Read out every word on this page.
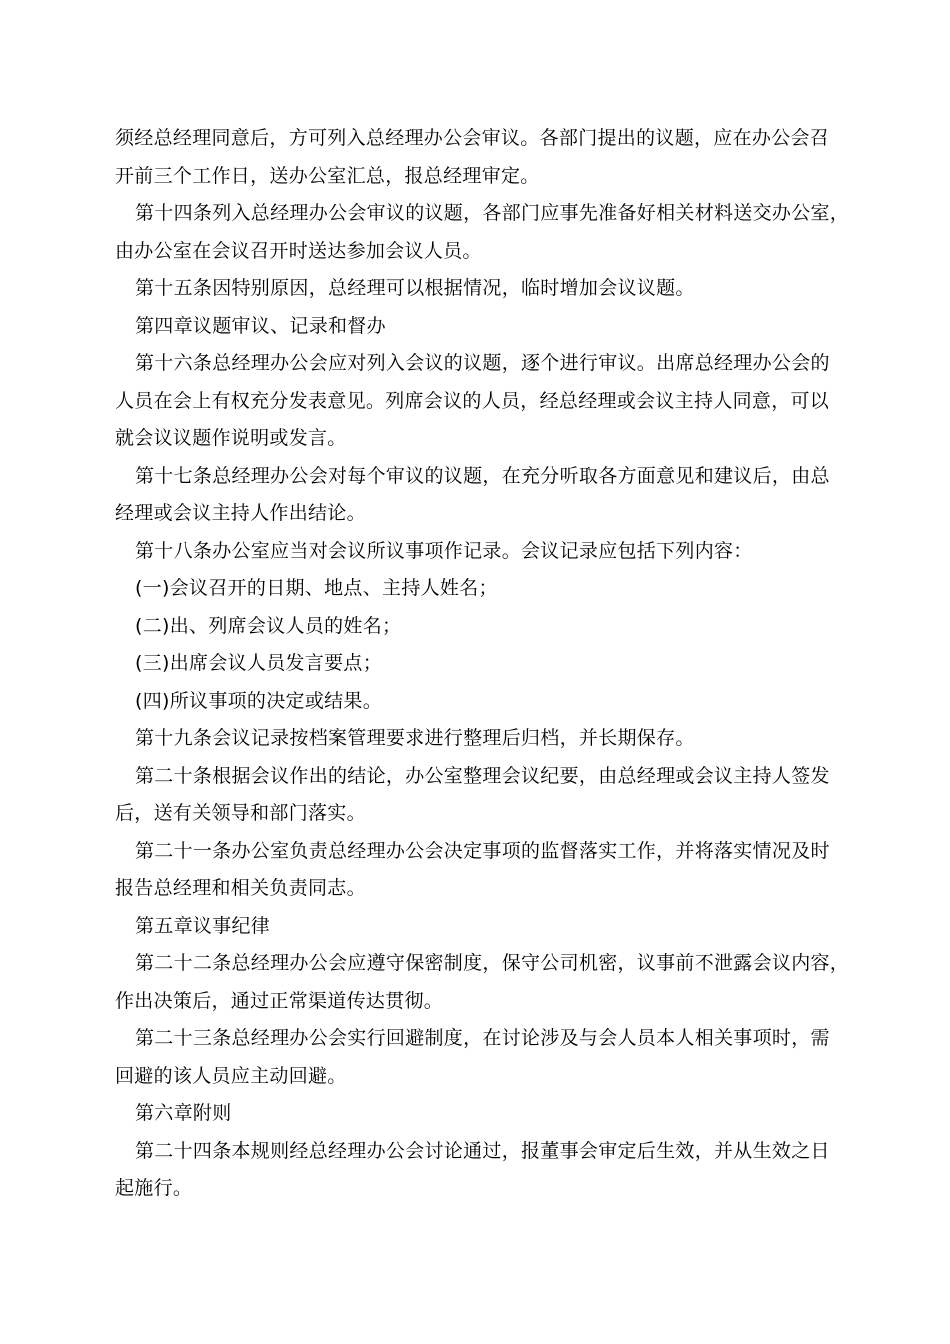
须经总经理同意后，方可列入总经理办公会审议。各部门提出的议题，应在办公会召
开前三个工作日，送办公室汇总，报总经理审定。
第十四条列入总经理办公会审议的议题，各部门应事先准备好相关材料送交办公室，
由办公室在会议召开时送达参加会议人员。
第十五条因特别原因，总经理可以根据情况，临时增加会议议题。
第四章议题审议、记录和督办
第十六条总经理办公会应对列入会议的议题，逐个进行审议。出席总经理办公会的
人员在会上有权充分发表意见。列席会议的人员，经总经理或会议主持人同意，可以
就会议议题作说明或发言。
第十七条总经理办公会对每个审议的议题，在充分听取各方面意见和建议后，由总
经理或会议主持人作出结论。
第十八条办公室应当对会议所议事项作记录。会议记录应包括下列内容：
(一)会议召开的日期、地点、主持人姓名；
(二)出、列席会议人员的姓名；
(三)出席会议人员发言要点；
(四)所议事项的决定或结果。
第十九条会议记录按档案管理要求进行整理后归档，并长期保存。
第二十条根据会议作出的结论，办公室整理会议纪要，由总经理或会议主持人签发
后，送有关领导和部门落实。
第二十一条办公室负责总经理办公会决定事项的监督落实工作，并将落实情况及时
报告总经理和相关负责同志。
第五章议事纪律
第二十二条总经理办公会应遵守保密制度，保守公司机密，议事前不泄露会议内容，
作出决策后，通过正常渠道传达贯彻。
第二十三条总经理办公会实行回避制度，在讨论涉及与会人员本人相关事项时，需
回避的该人员应主动回避。
第六章附则
第二十四条本规则经总经理办公会讨论通过，报董事会审定后生效，并从生效之日
起施行。
